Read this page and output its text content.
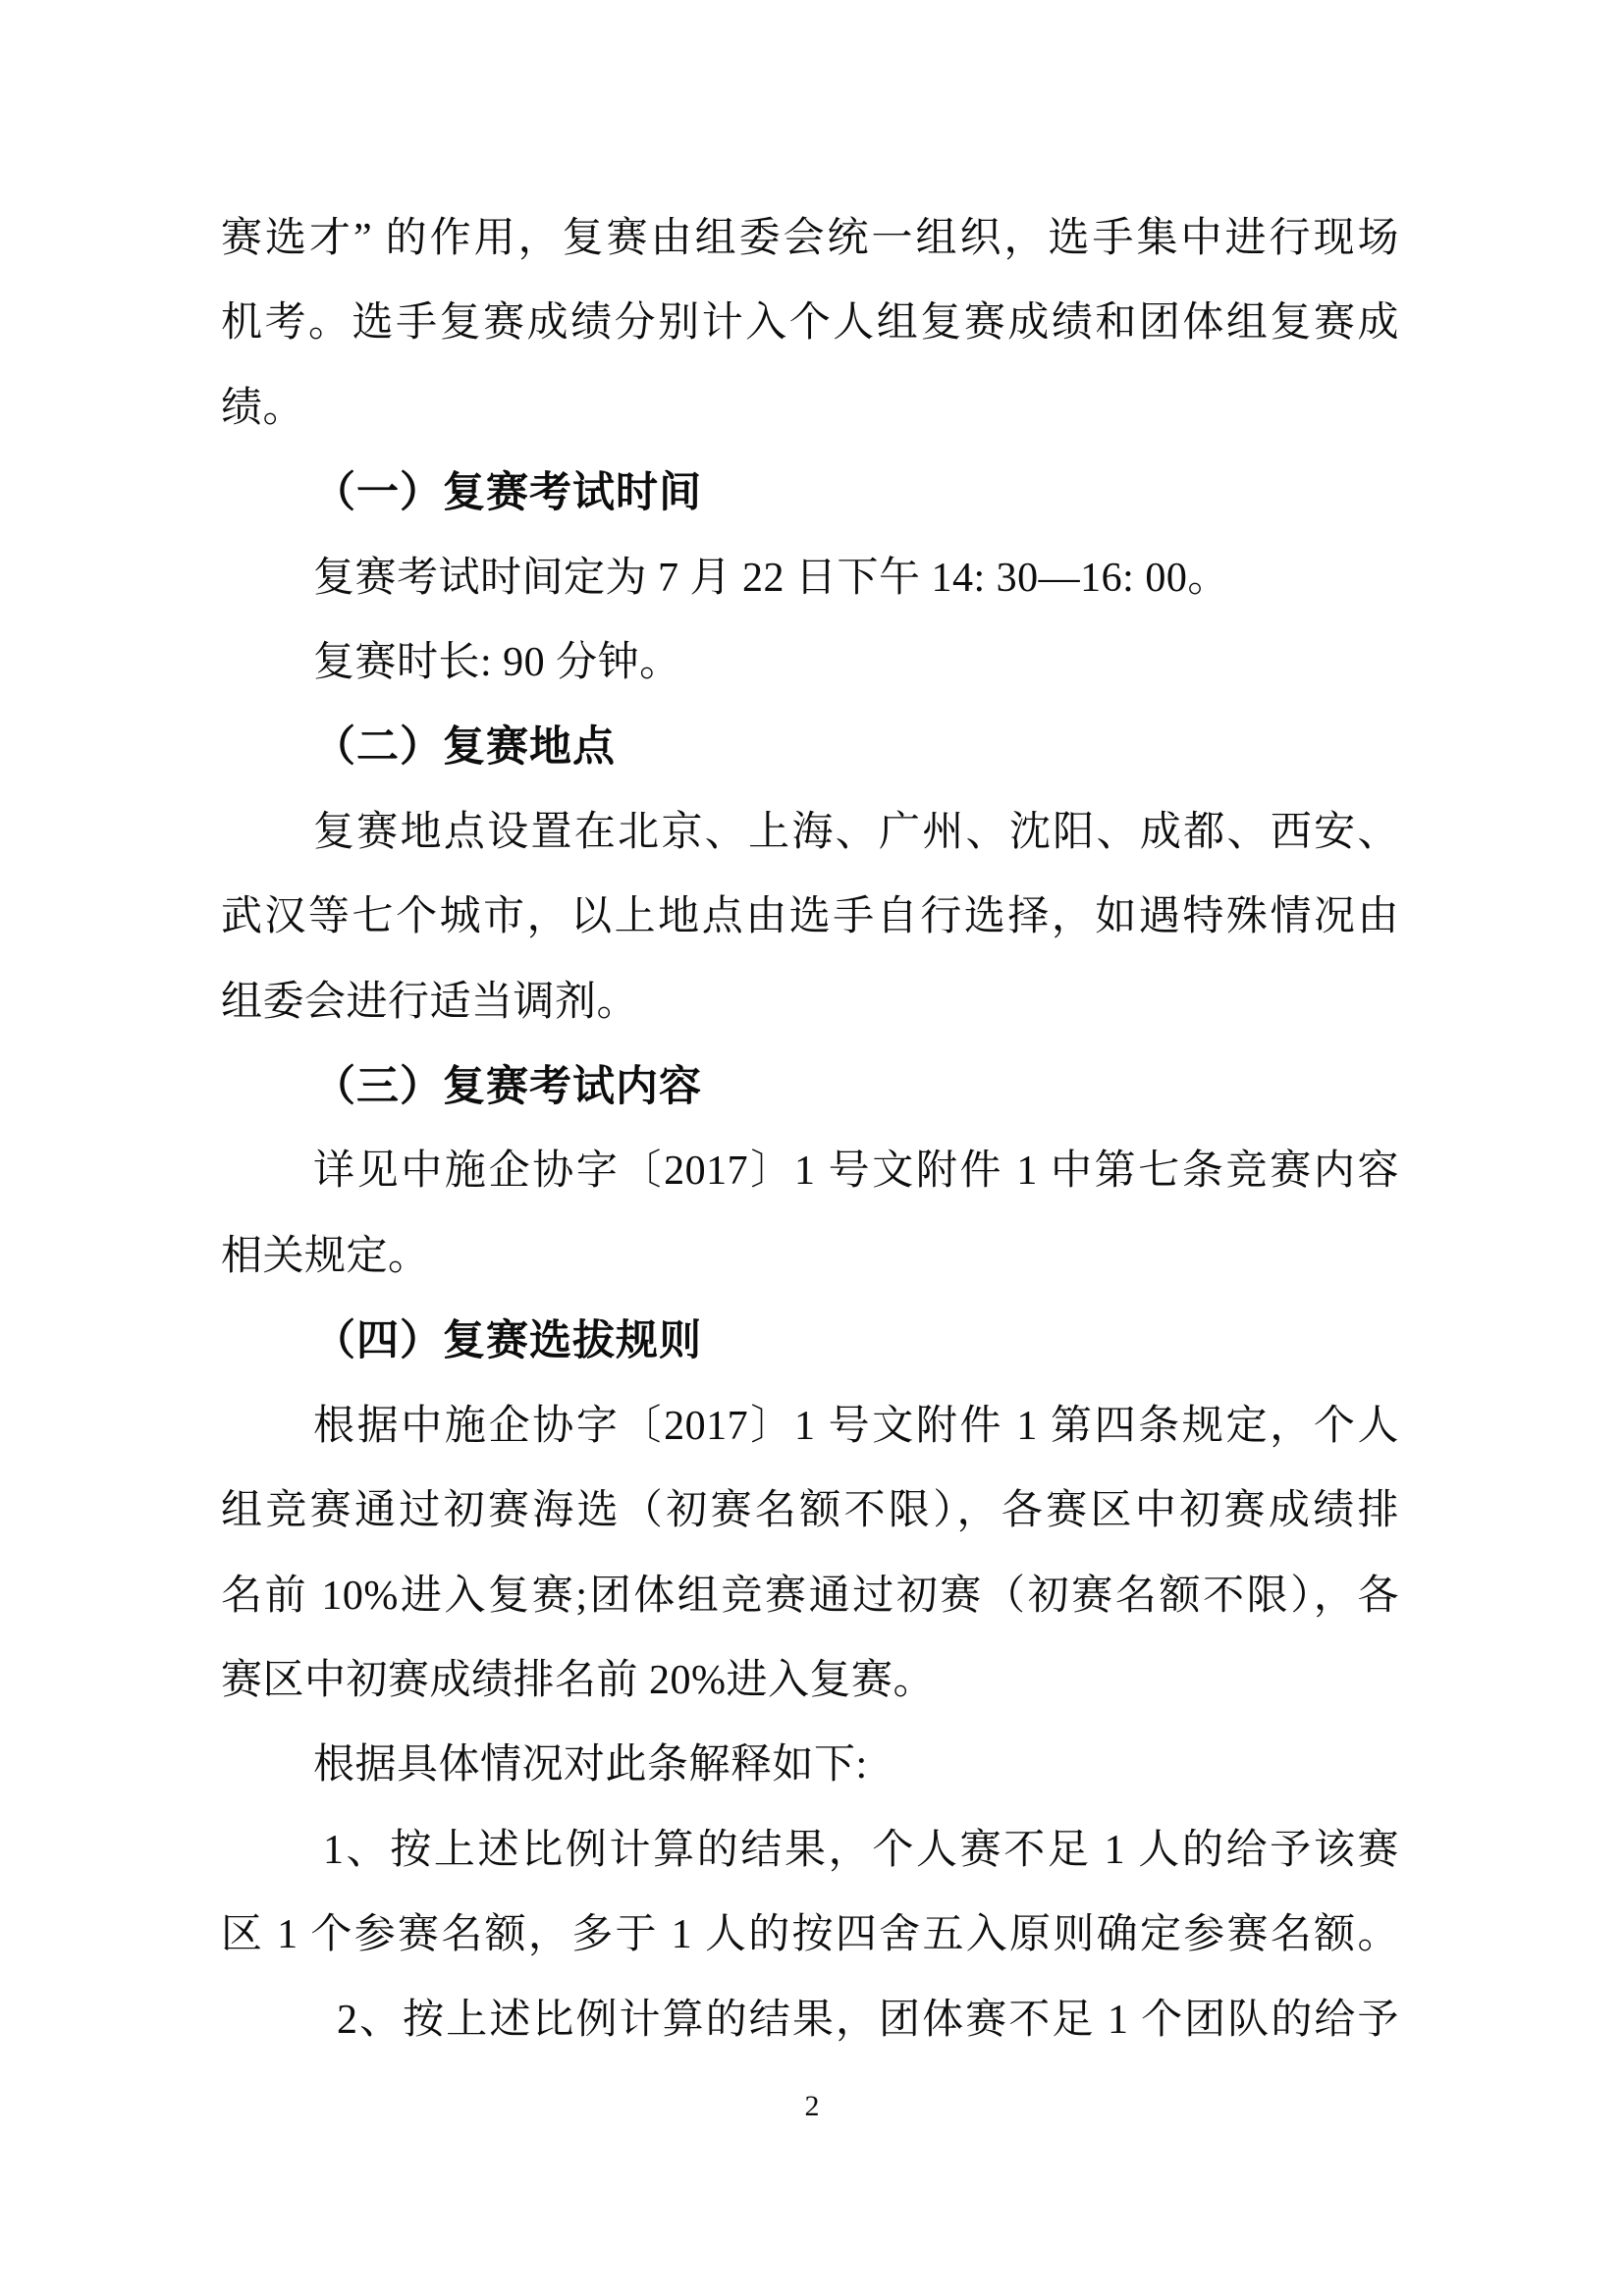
赛选才” 的作用，复赛由组委会统一组织，选手集中进行现场

机考。选手复赛成绩分别计入个人组复赛成绩和团体组复赛成

绩。

（一）复赛考试时间

复赛考试时间定为 7 月 22 日下午 14: 30—16: 00。

复赛时长: 90 分钟。

（二）复赛地点

复赛地点设置在北京、上海、广州、沈阳、成都、西安、

武汉等七个城市，以上地点由选手自行选择，如遇特殊情况由

组委会进行适当调剂。

（三）复赛考试内容

详见中施企协字〔2017〕1 号文附件 1 中第七条竞赛内容

相关规定。

（四）复赛选拔规则

根据中施企协字〔2017〕1 号文附件 1 第四条规定，个人

组竞赛通过初赛海选（初赛名额不限），各赛区中初赛成绩排

名前 10%进入复赛;团体组竞赛通过初赛（初赛名额不限），各

赛区中初赛成绩排名前 20%进入复赛。

根据具体情况对此条解释如下:

1、按上述比例计算的结果，个人赛不足 1 人的给予该赛

区 1 个参赛名额，多于 1 人的按四舍五入原则确定参赛名额。

2、按上述比例计算的结果，团体赛不足 1 个团队的给予

2
